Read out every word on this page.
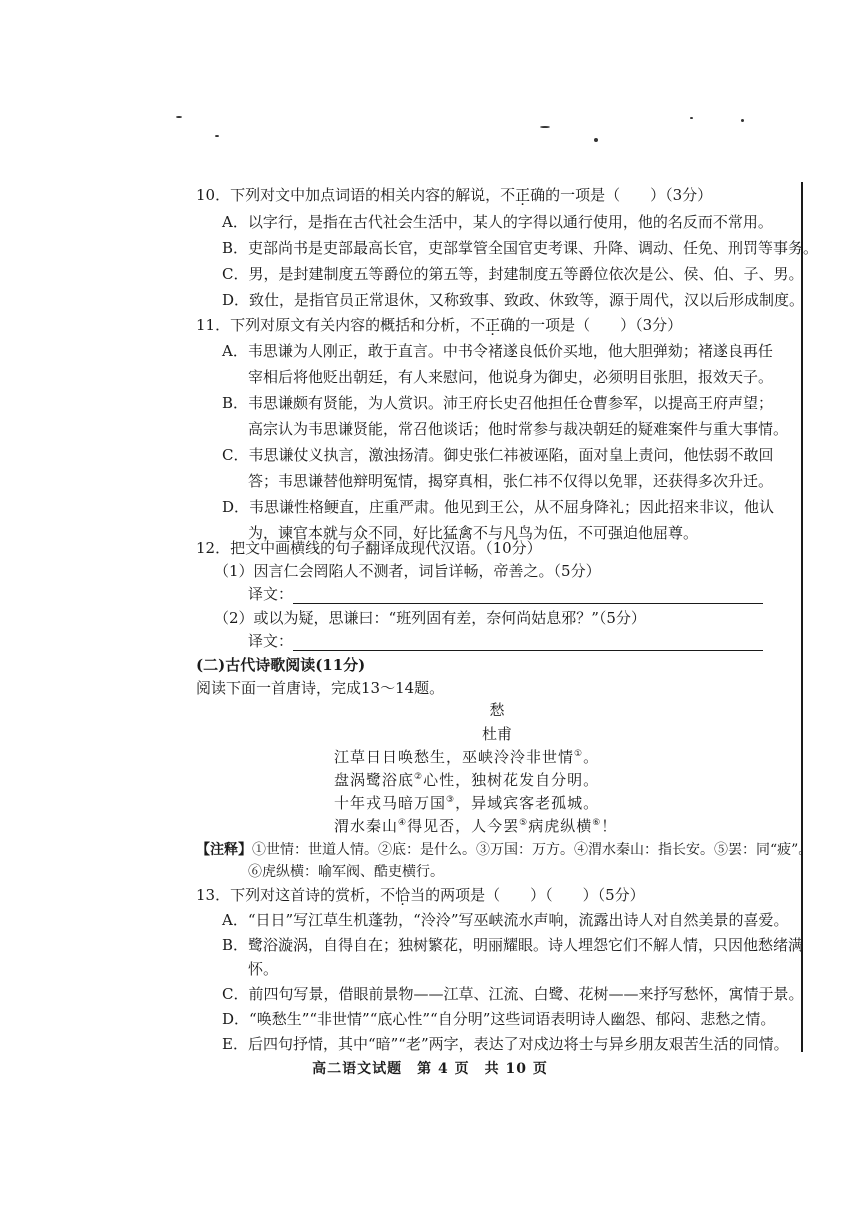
10．下列对文中加点词语的相关内容的解说，不正确的一项是（　　）（3分）
A．以字行，是指在古代社会生活中，某人的字得以通行使用，他的名反而不常用。
B．吏部尚书是吏部最高长官，吏部掌管全国官吏考课、升降、调动、任免、刑罚等事务。
C．男，是封建制度五等爵位的第五等，封建制度五等爵位依次是公、侯、伯、子、男。
D．致仕，是指官员正常退休，又称致事、致政、休致等，源于周代，汉以后形成制度。
11．下列对原文有关内容的概括和分析，不正确的一项是（　　）（3分）
A．韦思谦为人刚正，敢于直言。中书令褚遂良低价买地，他大胆弹劾；褚遂良再任
宰相后将他贬出朝廷，有人来慰问，他说身为御史，必须明目张胆，报效天子。
B．韦思谦颇有贤能，为人赏识。沛王府长史召他担任仓曹参军，以提高王府声望；
高宗认为韦思谦贤能，常召他谈话；他时常参与裁决朝廷的疑难案件与重大事情。
C．韦思谦仗义执言，激浊扬清。御史张仁祎被诬陷，面对皇上责问，他怯弱不敢回
答；韦思谦替他辩明冤情，揭穿真相，张仁祎不仅得以免罪，还获得多次升迁。
D．韦思谦性格鲠直，庄重严肃。他见到王公，从不屈身降礼；因此招来非议，他认
为，谏官本就与众不同，好比猛禽不与凡鸟为伍，不可强迫他屈尊。
12．把文中画横线的句子翻译成现代汉语。（10分）
（1）因言仁会罔陷人不测者，词旨详畅，帝善之。（5分）
译文：
（2）或以为疑，思谦曰：“班列固有差，奈何尚姑息邪？”（5分）
译文：
(二)古代诗歌阅读(11分)
阅读下面一首唐诗，完成13～14题。
愁
杜甫
江草日日唤愁生，巫峡泠泠非世情①。
盘涡鹭浴底②心性，独树花发自分明。
十年戎马暗万国③，异域宾客老孤城。
渭水秦山④得见否，人今罢⑤病虎纵横⑥！
【注释】①世情：世道人情。②底：是什么。③万国：万方。④渭水秦山：指长安。⑤罢：同“疲”。
⑥虎纵横：喻军阀、酷吏横行。
13．下列对这首诗的赏析，不恰当的两项是（　　）（　　）（5分）
A．“日日”写江草生机蓬勃，“泠泠”写巫峡流水声响，流露出诗人对自然美景的喜爱。
B．鹭浴漩涡，自得自在；独树繁花，明丽耀眼。诗人埋怨它们不解人情，只因他愁绪满
怀。
C．前四句写景，借眼前景物——江草、江流、白鹭、花树——来抒写愁怀，寓情于景。
D．“唤愁生”“非世情”“底心性”“自分明”这些词语表明诗人幽怨、郁闷、悲愁之情。
E．后四句抒情，其中“暗”“老”两字，表达了对戍边将士与异乡朋友艰苦生活的同情。
高二语文试题　第 4 页　共 10 页
